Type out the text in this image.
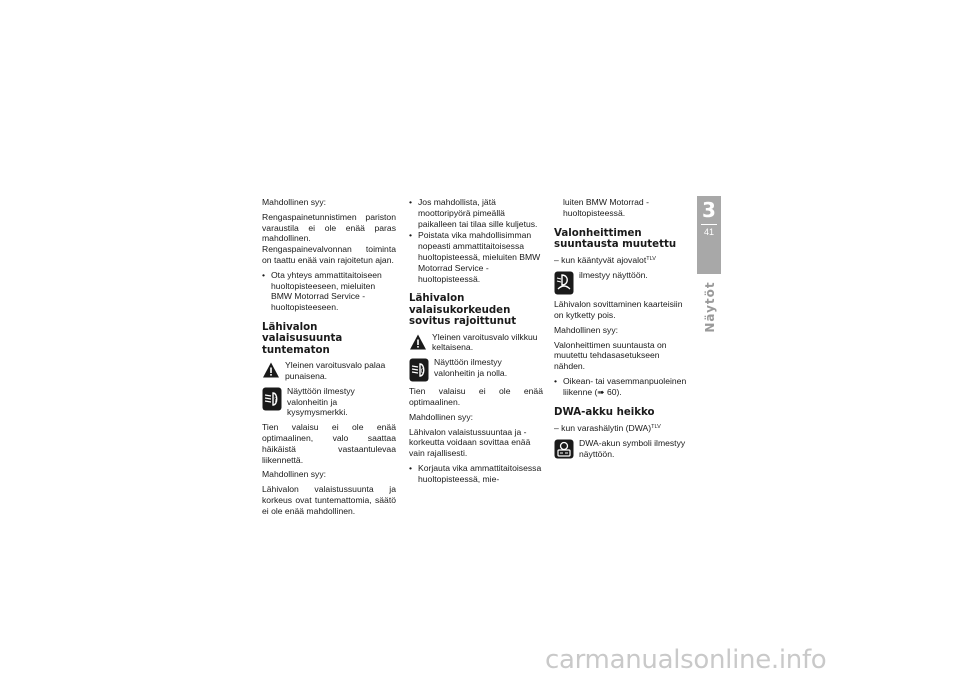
Mahdollinen syy:

Rengaspainetunnistimen pariston varaustila ei ole enää paras mahdollinen. Rengaspainevalvonnan toiminta on taattu enää vain rajoitetun ajan.

• Ota yhteys ammattitaitoiseen huoltopisteeseen, mieluiten BMW Motorrad Service -huoltopisteeseen.
Lähivalon valaisusuunta tuntematon
Yleinen varoitusvalo palaa punaisena.
?
Näyttöön ilmestyy valonheitin ja kysymysmerkki.

Tien valaisu ei ole enää optimaalinen, valo saattaa häikäistä vastaantulevaa liikennettä.

Mahdollinen syy:

Lähivalon valaistussuunta ja korkeus ovat tuntemattomia, säätö ei ole enää mahdollinen.

• Jos mahdollista, jätä moottoripyörä pimeällä paikalleen tai tilaa sille kuljetus.
• Poistata vika mahdollisimman nopeasti ammattitaitoisessa huoltopisteessä, mieluiten BMW Motorrad Service -huoltopisteessä.
Lähivalon valaisukorkeuden sovitus rajoittunut
Yleinen varoitusvalo vilkkuu keltaisena.
0
Näyttöön ilmestyy valonheitin ja nolla.

Tien valaisu ei ole enää optimaalinen.

Mahdollinen syy:

Lähivalon valaistussuuntaa ja -korkeutta voidaan sovittaa enää vain rajallisesti.

• Korjauta vika ammattitaitoisessa huoltopisteessä, mie-
luiten BMW Motorrad -huoltopisteessä.
Valonheittimen suuntausta muutettu

– kun kääntyvät ajovalot$^{TLV}$

ilmestyy näyttöön.

Lähivalon sovittaminen kaarteisiin on kytketty pois.

Mahdollinen syy:

Valonheittimen suuntausta on muutettu tehdasasetukseen nähden.

• Oikean- tai vasemmanpuoleinen liikenne (➠ 60).
DWA-akku heikko

– kun varashälytin (DWA)$^{TLV}$

DWA-akun symboli ilmestyy näyttöön.
3
41
Näytöt
carmanualsonline.info
